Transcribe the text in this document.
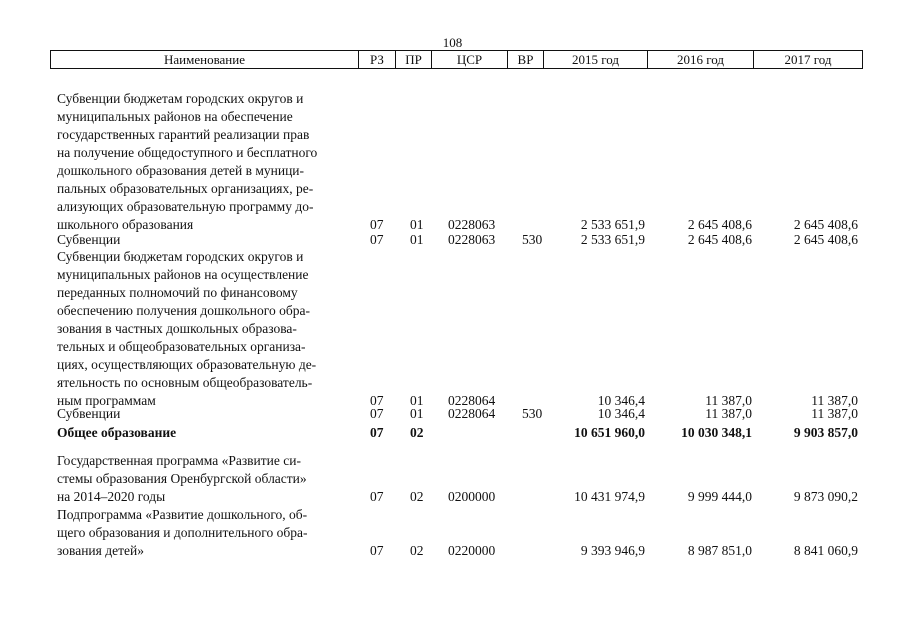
108
Наименование	РЗ	ПР	ЦСР	ВР	2015 год	2016 год	2017 год
Субвенции бюджетам городских округов и
муниципальных районов на обеспечение
государственных гарантий реализации прав
на получение общедоступного и бесплатного
дошкольного образования детей в муници-
пальных образовательных организациях, ре-
ализующих образовательную программу до-
школьного образования	07 01 0228063	2 533 651,9	2 645 408,6	2 645 408,6
Субвенции	07 01 0228063 530	2 533 651,9	2 645 408,6	2 645 408,6
Субвенции бюджетам городских округов и
муниципальных районов на осуществление
переданных полномочий по финансовому
обеспечению получения дошкольного обра-
зования в частных дошкольных образова-
тельных и общеобразовательных организа-
циях, осуществляющих образовательную де-
ятельность по основным общеобразователь-
ным программам	07 01 0228064	10 346,4	11 387,0	11 387,0
Субвенции	07 01 0228064 530	10 346,4	11 387,0	11 387,0
Общее образование	07 02	10 651 960,0	10 030 348,1	9 903 857,0
Государственная программа «Развитие си-
стемы образования Оренбургской области»
на 2014–2020 годы	07 02 0200000	10 431 974,9	9 999 444,0	9 873 090,2
Подпрограмма «Развитие дошкольного, об-
щего образования и дополнительного обра-
зования детей»	07 02 0220000	9 393 946,9	8 987 851,0	8 841 060,9
